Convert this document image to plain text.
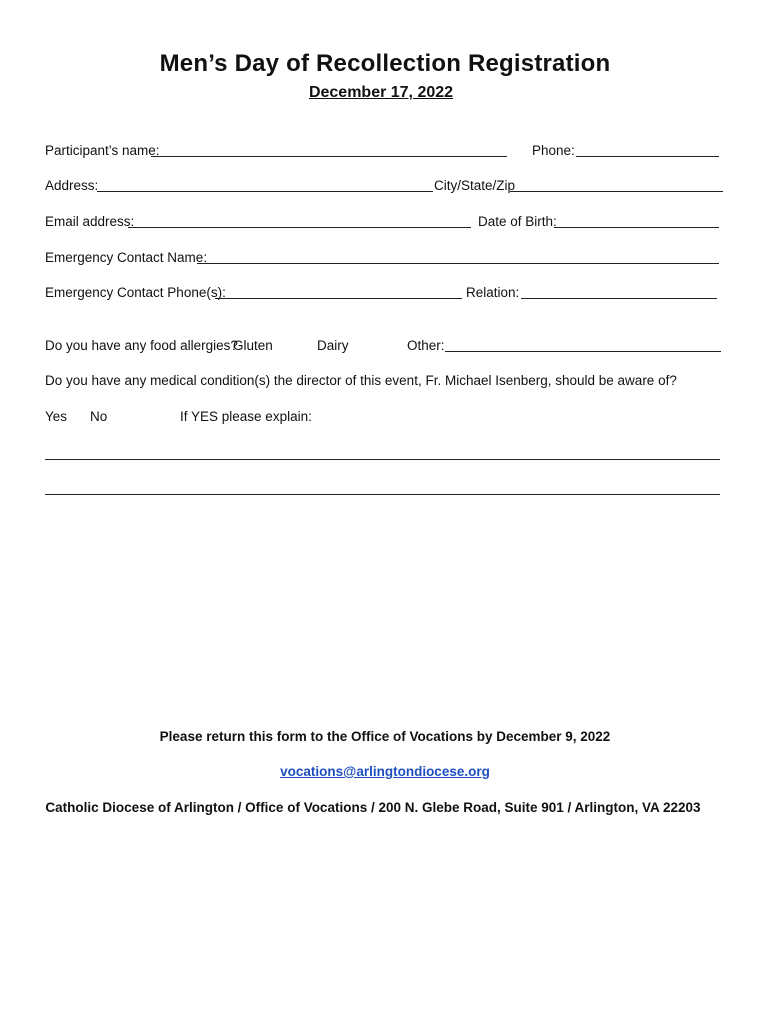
Men’s Day of Recollection Registration
December 17, 2022
Participant’s name:	Phone:
Address:	City/State/Zip
Email address:	Date of Birth:
Emergency Contact Name:
Emergency Contact Phone(s):	Relation:
Do you have any food allergies?
Gluten	Dairy	Other:
Do you have any medical condition(s) the director of this event, Fr. Michael Isenberg, should be aware of?
Yes No	If YES please explain:
Please return this form to the Office of Vocations by December 9, 2022
vocations@arlingtondiocese.org
Catholic Diocese of Arlington / Office of Vocations / 200 N. Glebe Road, Suite 901 / Arlington, VA 22203
